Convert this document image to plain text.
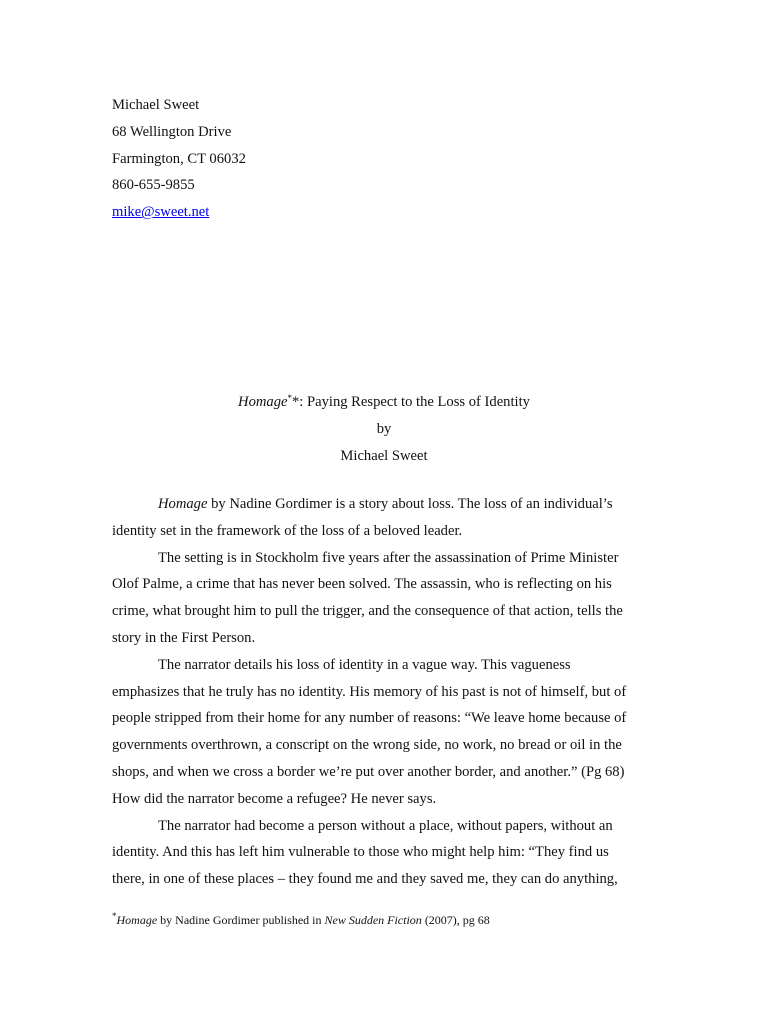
Michael Sweet
68 Wellington Drive
Farmington, CT 06032
860-655-9855
mike@sweet.net
Homage**: Paying Respect to the Loss of Identity
by
Michael Sweet
Homage by Nadine Gordimer is a story about loss. The loss of an individual’s
identity set in the framework of the loss of a beloved leader.
The setting is in Stockholm five years after the assassination of Prime Minister
Olof Palme, a crime that has never been solved. The assassin, who is reflecting on his
crime, what brought him to pull the trigger, and the consequence of that action, tells the
story in the First Person.
The narrator details his loss of identity in a vague way. This vagueness
emphasizes that he truly has no identity. His memory of his past is not of himself, but of
people stripped from their home for any number of reasons: “We leave home because of
governments overthrown, a conscript on the wrong side, no work, no bread or oil in the
shops, and when we cross a border we’re put over another border, and another.” (Pg 68)
How did the narrator become a refugee? He never says.
The narrator had become a person without a place, without papers, without an
identity. And this has left him vulnerable to those who might help him: “They find us
there, in one of these places – they found me and they saved me, they can do anything,
*Homage by Nadine Gordimer published in New Sudden Fiction (2007), pg 68
